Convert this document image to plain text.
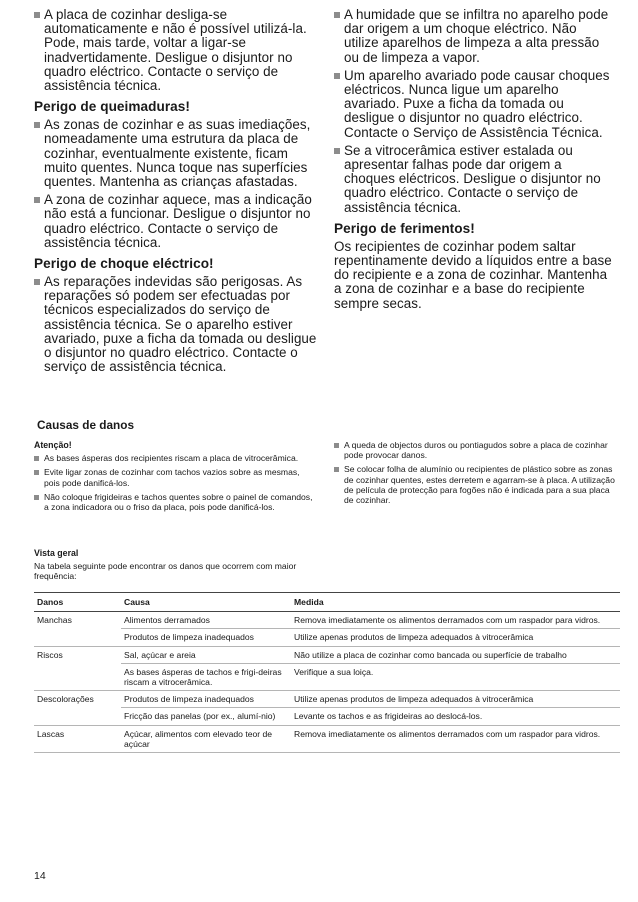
A placa de cozinhar desliga-se automaticamente e não é possível utilizá-la. Pode, mais tarde, voltar a ligar-se inadvertidamente. Desligue o disjuntor no quadro eléctrico. Contacte o serviço de assistência técnica.

Perigo de queimaduras!

As zonas de cozinhar e as suas imediações, nomeadamente uma estrutura da placa de cozinhar, eventualmente existente, ficam muito quentes. Nunca toque nas superfícies quentes. Mantenha as crianças afastadas.

A zona de cozinhar aquece, mas a indicação não está a funcionar. Desligue o disjuntor no quadro eléctrico. Contacte o serviço de assistência técnica.

Perigo de choque eléctrico!

As reparações indevidas são perigosas. As reparações só podem ser efectuadas por técnicos especializados do serviço de assistência técnica. Se o aparelho estiver avariado, puxe a ficha da tomada ou desligue o disjuntor no quadro eléctrico. Contacte o serviço de assistência técnica.

A humidade que se infiltra no aparelho pode dar origem a um choque eléctrico. Não utilize aparelhos de limpeza a alta pressão ou de limpeza a vapor.

Um aparelho avariado pode causar choques eléctricos. Nunca ligue um aparelho avariado. Puxe a ficha da tomada ou desligue o disjuntor no quadro eléctrico. Contacte o Serviço de Assistência Técnica.

Se a vitrocerâmica estiver estalada ou apresentar falhas pode dar origem a choques eléctricos. Desligue o disjuntor no quadro eléctrico. Contacte o serviço de assistência técnica.

Perigo de ferimentos!

Os recipientes de cozinhar podem saltar repentinamente devido a líquidos entre a base do recipiente e a zona de cozinhar. Mantenha a zona de cozinhar e a base do recipiente sempre secas.

Causas de danos
Atenção!

As bases ásperas dos recipientes riscam a placa de vitrocerâmica.

Evite ligar zonas de cozinhar com tachos vazios sobre as mesmas, pois pode danificá-los.

Não coloque frigideiras e tachos quentes sobre o painel de comandos, a zona indicadora ou o friso da placa, pois pode danificá-los.

A queda de objectos duros ou pontiagudos sobre a placa de cozinhar pode provocar danos.

Se colocar folha de alumínio ou recipientes de plástico sobre as zonas de cozinhar quentes, estes derretem e agarram-se à placa. A utilização de película de protecção para fogões não é indicada para a sua placa de cozinhar.

Vista geral

Na tabela seguinte pode encontrar os danos que ocorrem com maior frequência:

Danos	Causa	Medida
Manchas	Alimentos derramados	Remova imediatamente os alimentos derramados com um raspador para vidros.
	Produtos de limpeza inadequados	Utilize apenas produtos de limpeza adequados à vitrocerâmica
Riscos	Sal, açúcar e areia	Não utilize a placa de cozinhar como bancada ou superfície de trabalho
	As bases ásperas de tachos e frigi-deiras riscam a vitrocerâmica.	Verifique a sua loiça.
Descolorações	Produtos de limpeza inadequados	Utilize apenas produtos de limpeza adequados à vitrocerâmica
	Fricção das panelas (por ex., alumí-nio)	Levante os tachos e as frigideiras ao deslocá-los.
Lascas	Açúcar, alimentos com elevado teor de açúcar	Remova imediatamente os alimentos derramados com um raspador para vidros.
14
